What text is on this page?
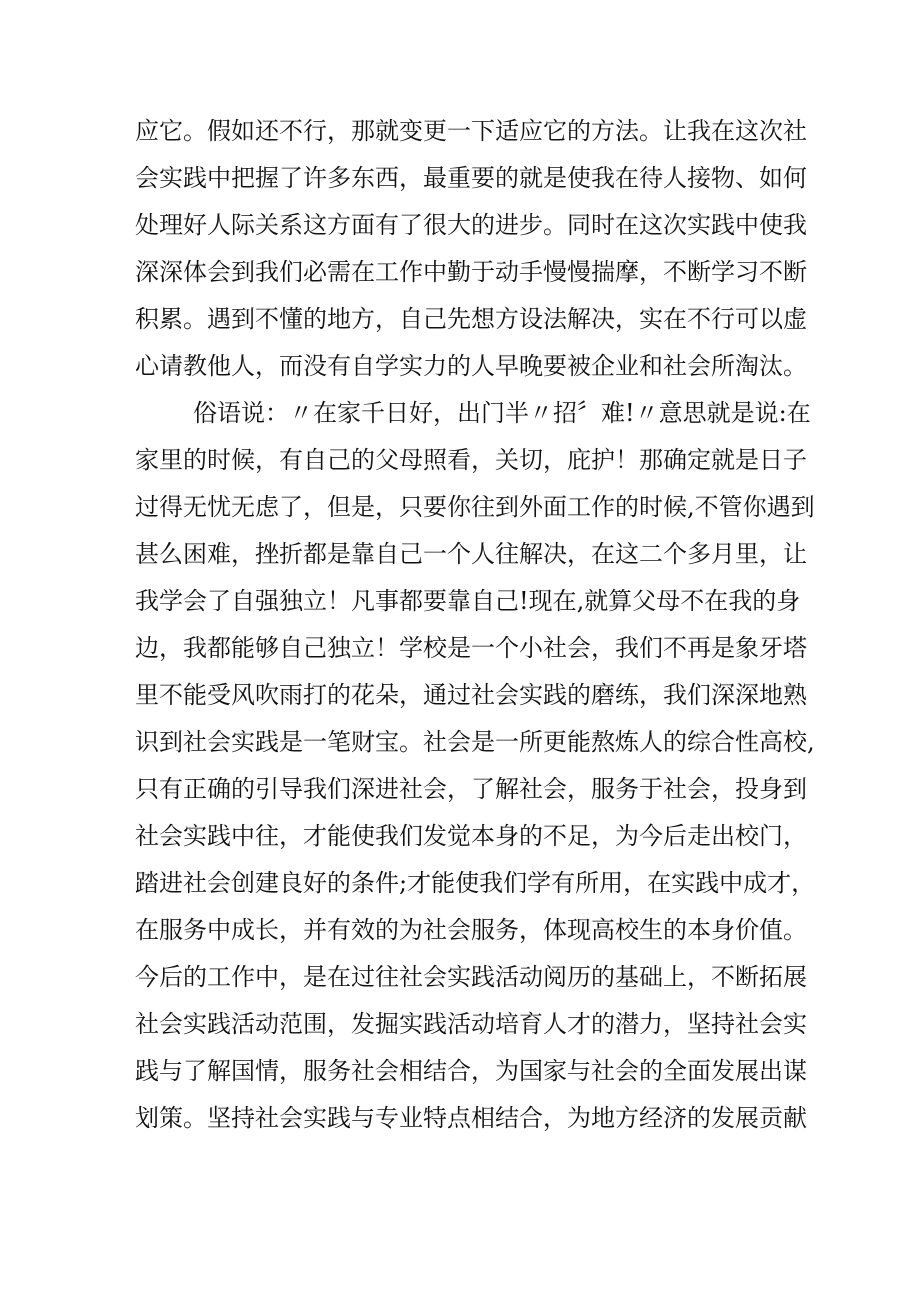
应它。假如还不行，那就变更一下适应它的方法。让我在这次社
会实践中把握了许多东西，最重要的就是使我在待人接物、如何
处理好人际关系这方面有了很大的进步。同时在这次实践中使我
深深体会到我们必需在工作中勤于动手慢慢揣摩，不断学习不断
积累。遇到不懂的地方，自己先想方设法解决，实在不行可以虚
心请教他人，而没有自学实力的人早晚要被企业和社会所淘汰。
俗语说：〃在家千日好，出门半〃招〞难!〃意思就是说:在
家里的时候，有自己的父母照看，关切，庇护！那确定就是日子
过得无忧无虑了，但是，只要你往到外面工作的时候,不管你遇到
甚么困难，挫折都是靠自己一个人往解决，在这二个多月里，让
我学会了自强独立！凡事都要靠自己!现在,就算父母不在我的身
边，我都能够自己独立！学校是一个小社会，我们不再是象牙塔
里不能受风吹雨打的花朵，通过社会实践的磨练，我们深深地熟
识到社会实践是一笔财宝。社会是一所更能熬炼人的综合性高校,
只有正确的引导我们深进社会，了解社会，服务于社会，投身到
社会实践中往，才能使我们发觉本身的不足，为今后走出校门，
踏进社会创建良好的条件;才能使我们学有所用，在实践中成才，
在服务中成长，并有效的为社会服务，体现高校生的本身价值。
今后的工作中，是在过往社会实践活动阅历的基础上，不断拓展
社会实践活动范围，发掘实践活动培育人才的潜力，坚持社会实
践与了解国情，服务社会相结合，为国家与社会的全面发展出谋
划策。坚持社会实践与专业特点相结合，为地方经济的发展贡献
